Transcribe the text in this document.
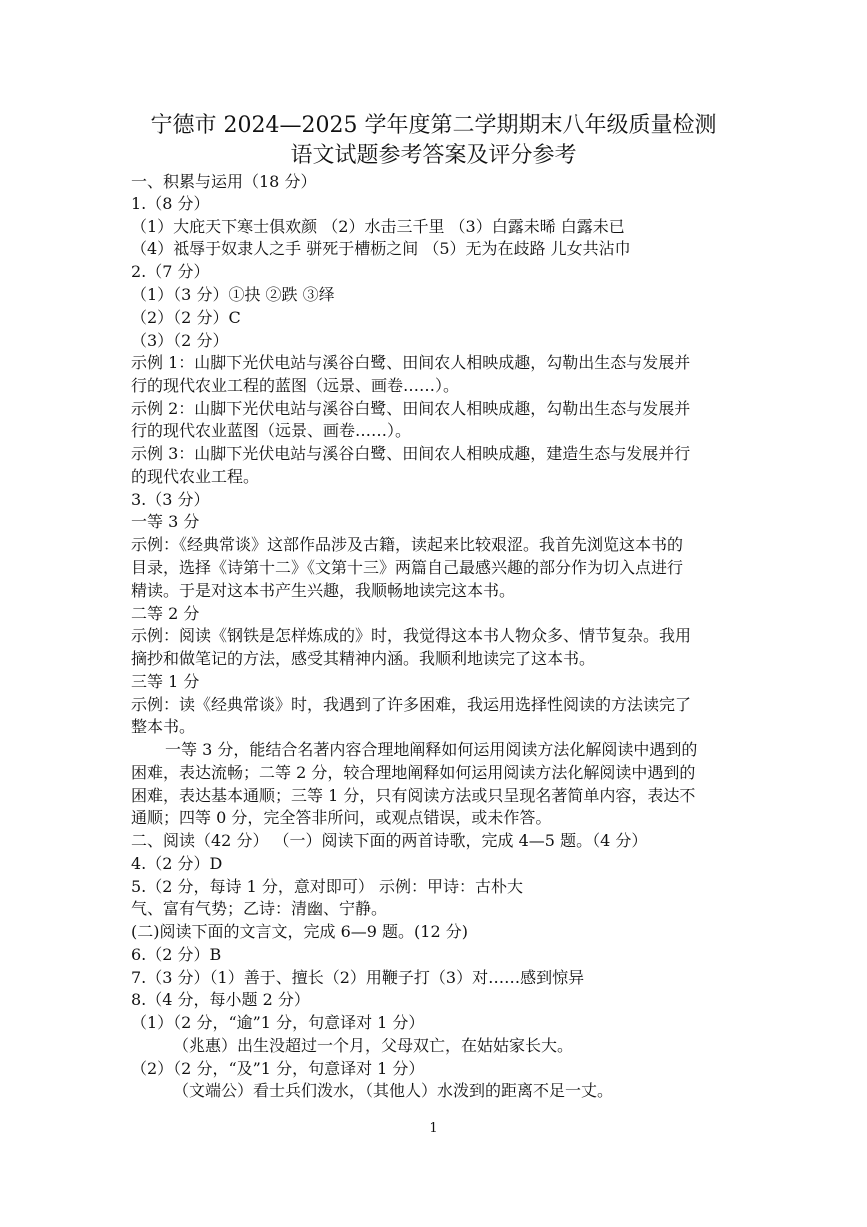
宁德市 2024—2025 学年度第二学期期末八年级质量检测
语文试题参考答案及评分参考
一、积累与运用（18 分）
1.（8 分）
（1）大庇天下寒士俱欢颜 （2）水击三千里 （3）白露未晞 白露未已
（4）祗辱于奴隶人之手 骈死于槽枥之间 （5）无为在歧路 儿女共沾巾
2.（7 分）
（1）（3 分）①抉 ②跌 ③绎
（2）（2 分）C
（3）（2 分）
示例 1：山脚下光伏电站与溪谷白鹭、田间农人相映成趣，勾勒出生态与发展并
行的现代农业工程的蓝图（远景、画卷……）。
示例 2：山脚下光伏电站与溪谷白鹭、田间农人相映成趣，勾勒出生态与发展并
行的现代农业蓝图（远景、画卷……）。
示例 3：山脚下光伏电站与溪谷白鹭、田间农人相映成趣，建造生态与发展并行
的现代农业工程。
3.（3 分）
一等 3 分
示例：《经典常谈》这部作品涉及古籍，读起来比较艰涩。我首先浏览这本书的
目录，选择《诗第十二》《文第十三》两篇自己最感兴趣的部分作为切入点进行
精读。于是对这本书产生兴趣，我顺畅地读完这本书。
二等 2 分
示例：阅读《钢铁是怎样炼成的》时，我觉得这本书人物众多、情节复杂。我用
摘抄和做笔记的方法，感受其精神内涵。我顺利地读完了这本书。
三等 1 分
示例：读《经典常谈》时，我遇到了许多困难，我运用选择性阅读的方法读完了
整本书。
一等 3 分，能结合名著内容合理地阐释如何运用阅读方法化解阅读中遇到的
困难，表达流畅；二等 2 分，较合理地阐释如何运用阅读方法化解阅读中遇到的
困难，表达基本通顺；三等 1 分，只有阅读方法或只呈现名著简单内容，表达不
通顺；四等 0 分，完全答非所问，或观点错误，或未作答。
二、阅读（42 分） （一）阅读下面的两首诗歌，完成 4—5 题。（4 分）
4.（2 分）D
5.（2 分，每诗 1 分，意对即可） 示例：甲诗：古朴大
气、富有气势；乙诗：清幽、宁静。
(二)阅读下面的文言文，完成 6—9 题。(12 分)
6.（2 分）B
7.（3 分）（1）善于、擅长（2）用鞭子打（3）对……感到惊异
8.（4 分，每小题 2 分）
（1）（2 分，“逾”1 分，句意译对 1 分）
（兆惠）出生没超过一个月，父母双亡，在姑姑家长大。
（2）（2 分，“及”1 分，句意译对 1 分）
（文端公）看士兵们泼水，（其他人）水泼到的距离不足一丈。
1
